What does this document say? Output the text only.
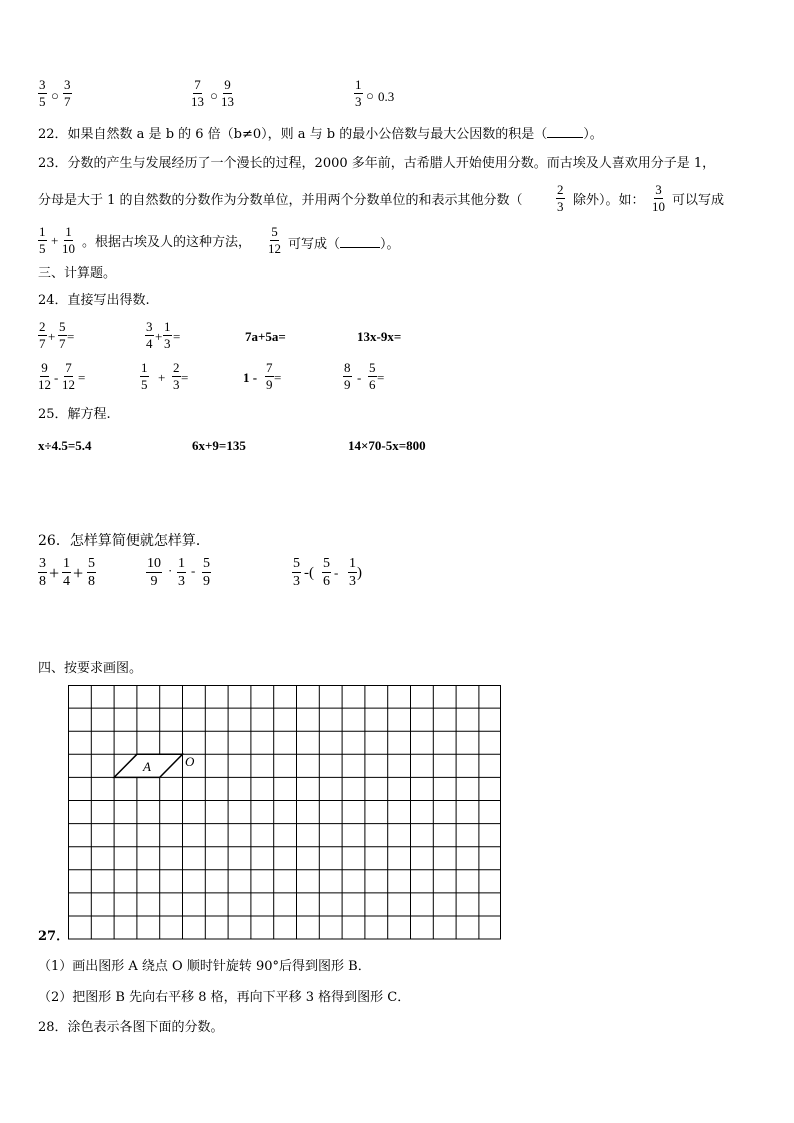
$\frac{3}{5}$ ○ $\frac{3}{7}$	$\frac{7}{13}$ ○ $\frac{9}{13}$	$\frac{1}{3}$ ○ 0.3
22．如果自然数 a 是 b 的 6 倍（b≠0），则 a 与 b 的最小公倍数与最大公因数的积是（	）。
23．分数的产生与发展经历了一个漫长的过程，2000 多年前，古希腊人开始使用分数。而古埃及人喜欢用分子是 1，
分母是大于 1 的自然数的分数作为分数单位，并用两个分数单位的和表示其他分数（	$\frac{2}{3}$ 除外）。如： $\frac{3}{10}$ 可以写成
$\frac{1}{5} + \frac{1}{10}$ 。根据古埃及人的这种方法， $\frac{5}{12}$ 可写成（	）。
三、计算题。
24．直接写出得数.
$\frac{2}{7} + \frac{5}{7}$ =	$\frac{3}{4} + \frac{1}{3}$ =	7a+5a=	13x-9x=
$\frac{9}{12} - \frac{7}{12}$ =	$\frac{1}{5} + \frac{2}{3}$ =	$1 - \frac{7}{9}$ =	$\frac{8}{9} - \frac{5}{6}$ =
25．解方程.
x÷4.5=5.4	6x+9=135	14×70-5x=800
26．怎样算简便就怎样算．
$\frac{3}{8} + \frac{1}{4} + \frac{5}{8}$	$\frac{10}{9} \cdot \frac{1}{3} - \frac{5}{9}$	$\frac{5}{3}$ -( $\frac{5}{6} - \frac{1}{3}$ )
四、按要求画图。
27．
A	O
（1）画出图形 A 绕点 O 顺时针旋转 90°后得到图形 B．
（2）把图形 B 先向右平移 8 格，再向下平移 3 格得到图形 C．
28．涂色表示各图下面的分数。
